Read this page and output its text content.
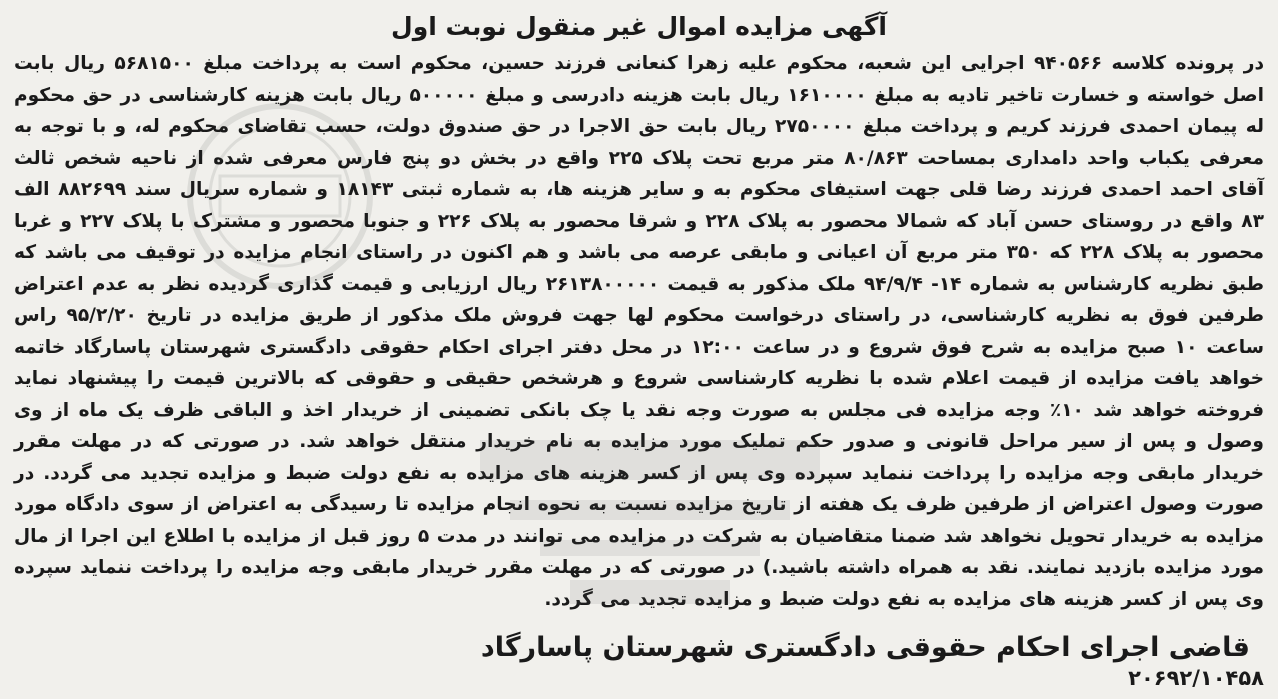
آگهی مزایده اموال غیر منقول نوبت اول

در پرونده کلاسه ۹۴۰۵۶۶ اجرایی این شعبه، محکوم علیه زهرا کنعانی فرزند حسین، محکوم است به پرداخت مبلغ ۵۶۸۱۵۰۰ ریال بابت اصل خواسته و خسارت تاخیر تادیه به مبلغ ۱۶۱۰۰۰۰ ریال بابت هزینه دادرسی و مبلغ ۵۰۰۰۰۰ ریال بابت هزینه کارشناسی در حق محکوم له پیمان احمدی فرزند کریم و پرداخت مبلغ ۲۷۵۰۰۰۰ ریال بابت حق الاجرا در حق صندوق دولت، حسب تقاضای محکوم له، و با توجه به معرفی یکباب واحد دامداری بمساحت ۸۰/۸۶۳ متر مربع تحت پلاک ۲۲۵ واقع در بخش دو پنج فارس معرفی شده از ناحیه شخص ثالث آقای احمد احمدی فرزند رضا قلی جهت استیفای محکوم به و سایر هزینه ها، به شماره ثبتی ۱۸۱۴۳ و شماره سریال سند ۸۸۲۶۹۹ الف ۸۳ واقع در روستای حسن آباد که شمالا محصور به پلاک ۲۲۸ و شرقا محصور به پلاک ۲۲۶ و جنوبا محصور و مشترک با پلاک ۲۲۷ و غربا محصور به پلاک ۲۲۸ که ۳۵۰ متر مربع آن اعیانی و مابقی عرصه می باشد و هم اکنون در راستای انجام مزایده در توقیف می باشد که طبق نظریه کارشناس به شماره ۱۴- ۹۴/۹/۴ ملک مذکور به قیمت ۲۶۱۳۸۰۰۰۰۰ ریال ارزیابی و قیمت گذاری گردیده نظر به عدم اعتراض طرفین فوق به نظریه کارشناسی، در راستای درخواست محکوم لها جهت فروش ملک مذکور از طریق مزایده در تاریخ ۹۵/۲/۲۰ راس ساعت ۱۰ صبح مزایده به شرح فوق شروع و در ساعت ۱۲:۰۰ در محل دفتر اجرای احکام حقوقی دادگستری شهرستان پاسارگاد خاتمه خواهد یافت مزایده از قیمت اعلام شده با نظریه کارشناسی شروع و هرشخص حقیقی و حقوقی که بالاترین قیمت را پیشنهاد نماید فروخته خواهد شد ۱۰٪ وجه مزایده فی مجلس به صورت وجه نقد یا چک بانکی تضمینی از خریدار اخذ و الباقی ظرف یک ماه از وی وصول و پس از سیر مراحل قانونی و صدور حکم تملیک مورد مزایده به نام خریدار منتقل خواهد شد. در صورتی که در مهلت مقرر خریدار مابقی وجه مزایده را پرداخت ننماید سپرده وی پس از کسر هزینه های مزایده به نفع دولت ضبط و مزایده تجدید می گردد. در صورت وصول اعتراض از طرفین ظرف یک هفته از تاریخ مزایده نسبت به نحوه انجام مزایده تا رسیدگی به اعتراض از سوی دادگاه مورد مزایده به خریدار تحویل نخواهد شد ضمنا متقاضیان به شرکت در مزایده می توانند در مدت ۵ روز قبل از مزایده با اطلاع این اجرا از مال مورد مزایده بازدید نمایند. نقد به همراه داشته باشید.) در صورتی که در مهلت مقرر خریدار مابقی وجه مزایده را پرداخت ننماید سپرده وی پس از کسر هزینه های مزایده به نفع دولت ضبط و مزایده تجدید می گردد.

قاضی اجرای احکام حقوقی دادگستری شهرستان پاسارگاد
۲۰۶۹۲/۱۰۴۵۸
